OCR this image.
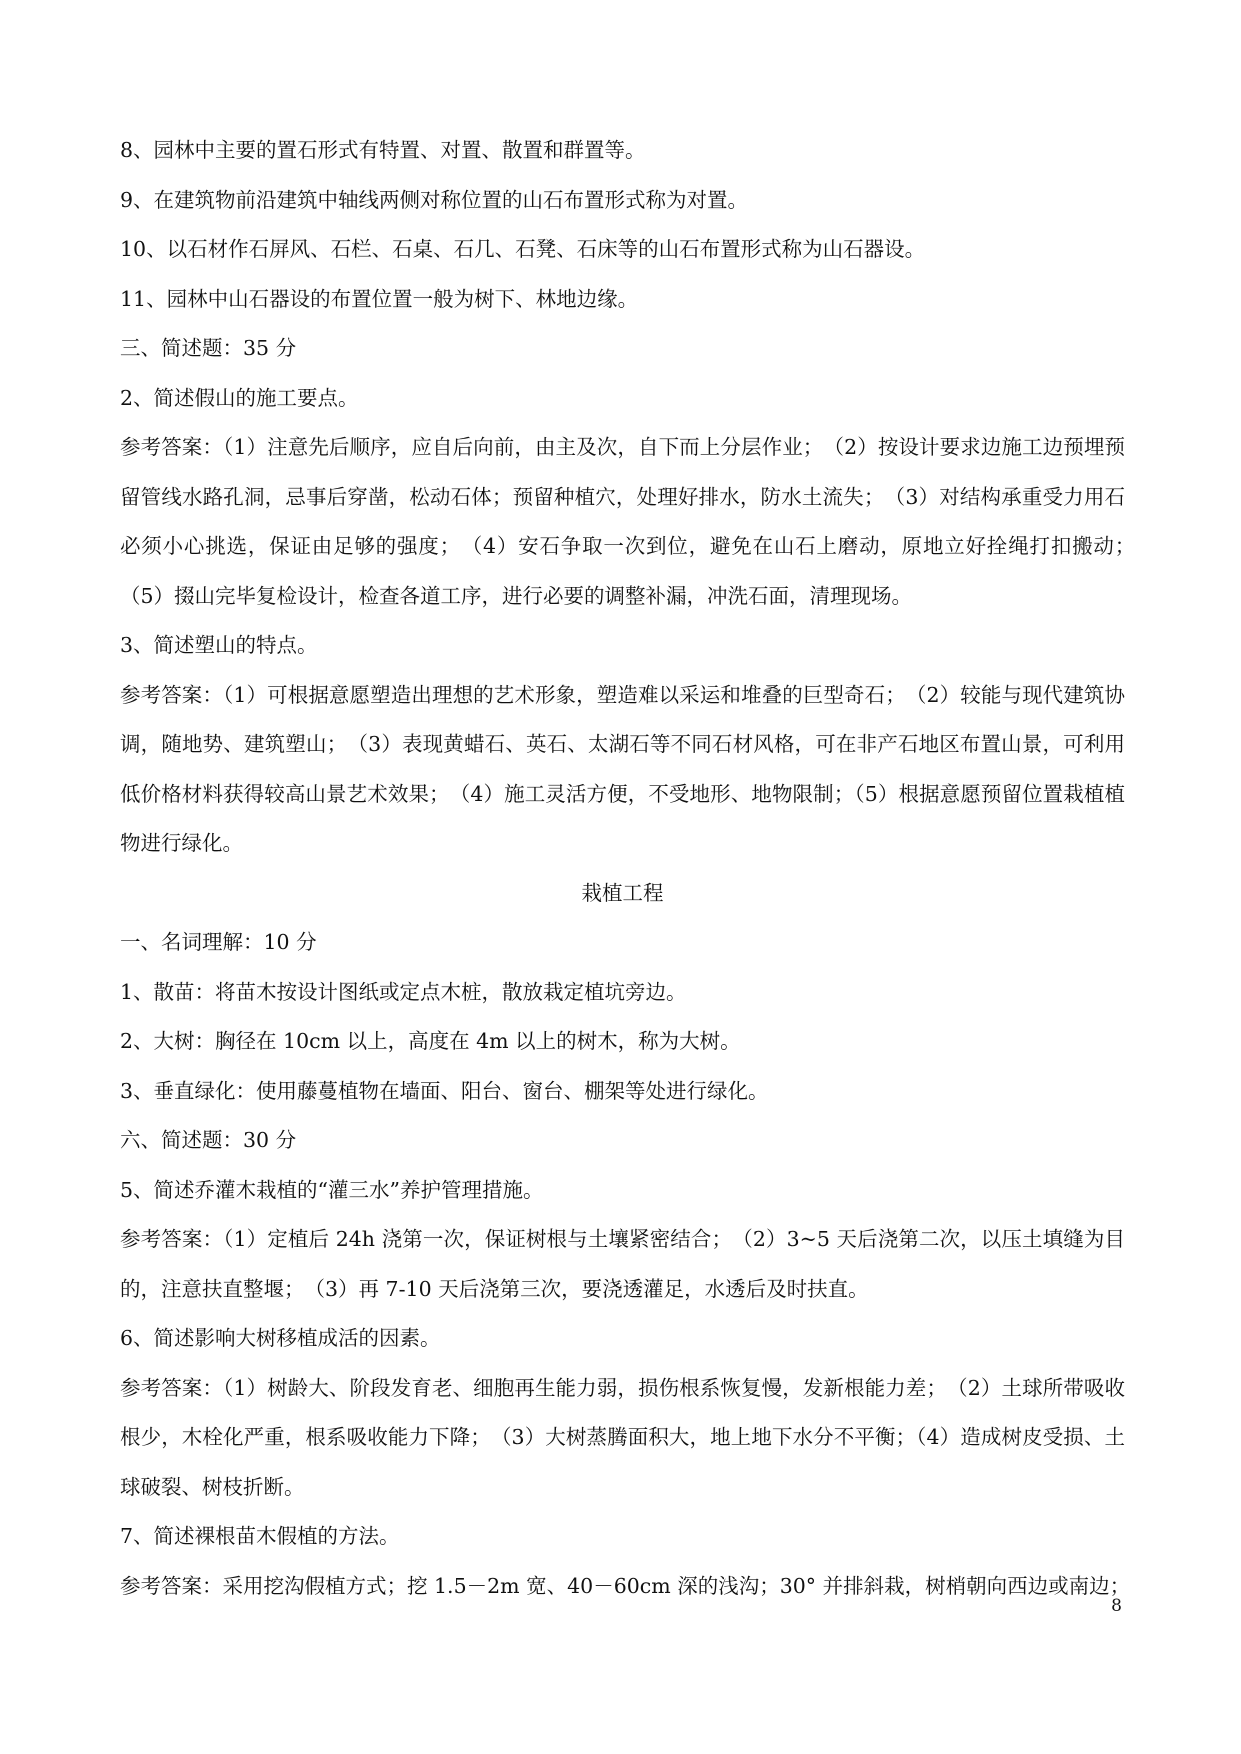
8、园林中主要的置石形式有特置、对置、散置和群置等。
9、在建筑物前沿建筑中轴线两侧对称位置的山石布置形式称为对置。
10、以石材作石屏风、石栏、石桌、石几、石凳、石床等的山石布置形式称为山石器设。
11、园林中山石器设的布置位置一般为树下、林地边缘。
三、简述题：35 分
2、简述假山的施工要点。
参考答案：（1）注意先后顺序，应自后向前，由主及次，自下而上分层作业；　（2）按设计要求边施工边预埋预留管线水路孔洞，忌事后穿凿，松动石体；预留种植穴，处理好排水，防水土流失；　（3）对结构承重受力用石必须小心挑选，保证由足够的强度；　（4）安石争取一次到位，避免在山石上磨动，原地立好拴绳打扣搬动；　（5）掇山完毕复检设计，检查各道工序，进行必要的调整补漏，冲洗石面，清理现场。
3、简述塑山的特点。
参考答案：（1）可根据意愿塑造出理想的艺术形象，塑造难以采运和堆叠的巨型奇石；　（2）较能与现代建筑协调，随地势、建筑塑山；　（3）表现黄蜡石、英石、太湖石等不同石材风格，可在非产石地区布置山景，可利用低价格材料获得较高山景艺术效果；　（4）施工灵活方便，不受地形、地物限制；（5）根据意愿预留位置栽植植物进行绿化。
栽植工程
一、名词理解：10 分
1、散苗：将苗木按设计图纸或定点木桩，散放栽定植坑旁边。
2、大树：胸径在 10cm 以上，高度在 4m 以上的树木，称为大树。
3、垂直绿化：使用藤蔓植物在墙面、阳台、窗台、棚架等处进行绿化。
六、简述题：30 分
5、简述乔灌木栽植的“灌三水”养护管理措施。
参考答案：（1）定植后 24h 浇第一次，保证树根与土壤紧密结合；　（2）3~5 天后浇第二次，以压土填缝为目的，注意扶直整堰；　（3）再 7-10 天后浇第三次，要浇透灌足，水透后及时扶直。
6、简述影响大树移植成活的因素。
参考答案：（1）树龄大、阶段发育老、细胞再生能力弱，损伤根系恢复慢，发新根能力差；　（2）土球所带吸收根少，木栓化严重，根系吸收能力下降；　（3）大树蒸腾面积大，地上地下水分不平衡；（4）造成树皮受损、土球破裂、树枝折断。
7、简述裸根苗木假植的方法。
参考答案：采用挖沟假植方式；挖 1.5－2m 宽、40－60cm 深的浅沟；30° 并排斜栽，树梢朝向西边或南边；
8
